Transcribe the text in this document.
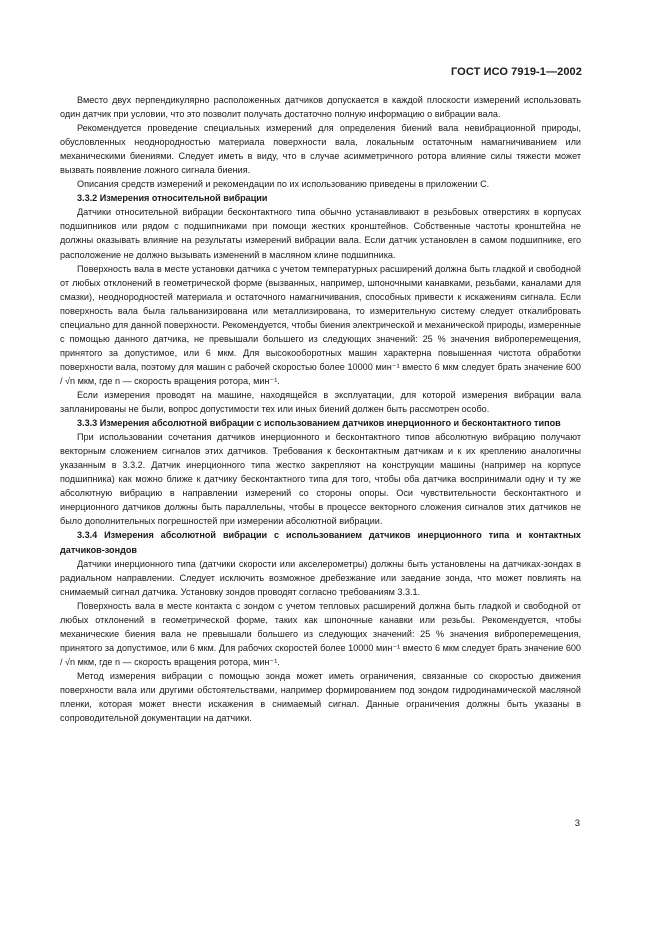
ГОСТ ИСО 7919-1—2002

Вместо двух перпендикулярно расположенных датчиков допускается в каждой плоскости измерений использовать один датчик при условии, что это позволит получать достаточно полную информацию о вибрации вала.

Рекомендуется проведение специальных измерений для определения биений вала невибрационной природы, обусловленных неоднородностью материала поверхности вала, локальным остаточным намагничиванием или механическими биениями. Следует иметь в виду, что в случае асимметричного ротора влияние силы тяжести может вызвать появление ложного сигнала биения.

Описания средств измерений и рекомендации по их использованию приведены в приложении С.

3.3.2 Измерения относительной вибрации

Датчики относительной вибрации бесконтактного типа обычно устанавливают в резьбовых отверстиях в корпусах подшипников или рядом с подшипниками при помощи жестких кронштейнов. Собственные частоты кронштейна не должны оказывать влияние на результаты измерений вибрации вала. Если датчик установлен в самом подшипнике, его расположение не должно вызывать изменений в масляном клине подшипника.

Поверхность вала в месте установки датчика с учетом температурных расширений должна быть гладкой и свободной от любых отклонений в геометрической форме (вызванных, например, шпоночными канавками, резьбами, каналами для смазки), неоднородностей материала и остаточного намагничивания, способных привести к искажениям сигнала. Если поверхность вала была гальванизирована или металлизирована, то измерительную систему следует откалибровать специально для данной поверхности. Рекомендуется, чтобы биения электрической и механической природы, измеренные с помощью данного датчика, не превышали большего из следующих значений: 25 % значения виброперемещения, принятого за допустимое, или 6 мкм. Для высокооборотных машин характерна повышенная чистота обработки поверхности вала, поэтому для машин с рабочей скоростью более 10000 мин⁻¹ вместо 6 мкм следует брать значение 600 / √n мкм, где n — скорость вращения ротора, мин⁻¹.

Если измерения проводят на машине, находящейся в эксплуатации, для которой измерения вибрации вала запланированы не были, вопрос допустимости тех или иных биений должен быть рассмотрен особо.

3.3.3 Измерения абсолютной вибрации с использованием датчиков инерционного и бесконтактного типов

При использовании сочетания датчиков инерционного и бесконтактного типов абсолютную вибрацию получают векторным сложением сигналов этих датчиков. Требования к бесконтактным датчикам и к их креплению аналогичны указанным в 3.3.2. Датчик инерционного типа жестко закрепляют на конструкции машины (например на корпусе подшипника) как можно ближе к датчику бесконтактного типа для того, чтобы оба датчика воспринимали одну и ту же абсолютную вибрацию в направлении измерений со стороны опоры. Оси чувствительности бесконтактного и инерционного датчиков должны быть параллельны, чтобы в процессе векторного сложения сигналов этих датчиков не было дополнительных погрешностей при измерении абсолютной вибрации.

3.3.4 Измерения абсолютной вибрации с использованием датчиков инерционного типа и контактных датчиков-зондов

Датчики инерционного типа (датчики скорости или акселерометры) должны быть установлены на датчиках-зондах в радиальном направлении. Следует исключить возможное дребезжание или заедание зонда, что может повлиять на снимаемый сигнал датчика. Установку зондов проводят согласно требованиям 3.3.1.

Поверхность вала в месте контакта с зондом с учетом тепловых расширений должна быть гладкой и свободной от любых отклонений в геометрической форме, таких как шпоночные канавки или резьбы. Рекомендуется, чтобы механические биения вала не превышали большего из следующих значений: 25 % значения виброперемещения, принятого за допустимое, или 6 мкм. Для рабочих скоростей более 10000 мин⁻¹ вместо 6 мкм следует брать значение 600 / √n мкм, где n — скорость вращения ротора, мин⁻¹.

Метод измерения вибрации с помощью зонда может иметь ограничения, связанные со скоростью движения поверхности вала или другими обстоятельствами, например формированием под зондом гидродинамической масляной пленки, которая может внести искажения в снимаемый сигнал. Данные ограничения должны быть указаны в сопроводительной документации на датчики.

3
